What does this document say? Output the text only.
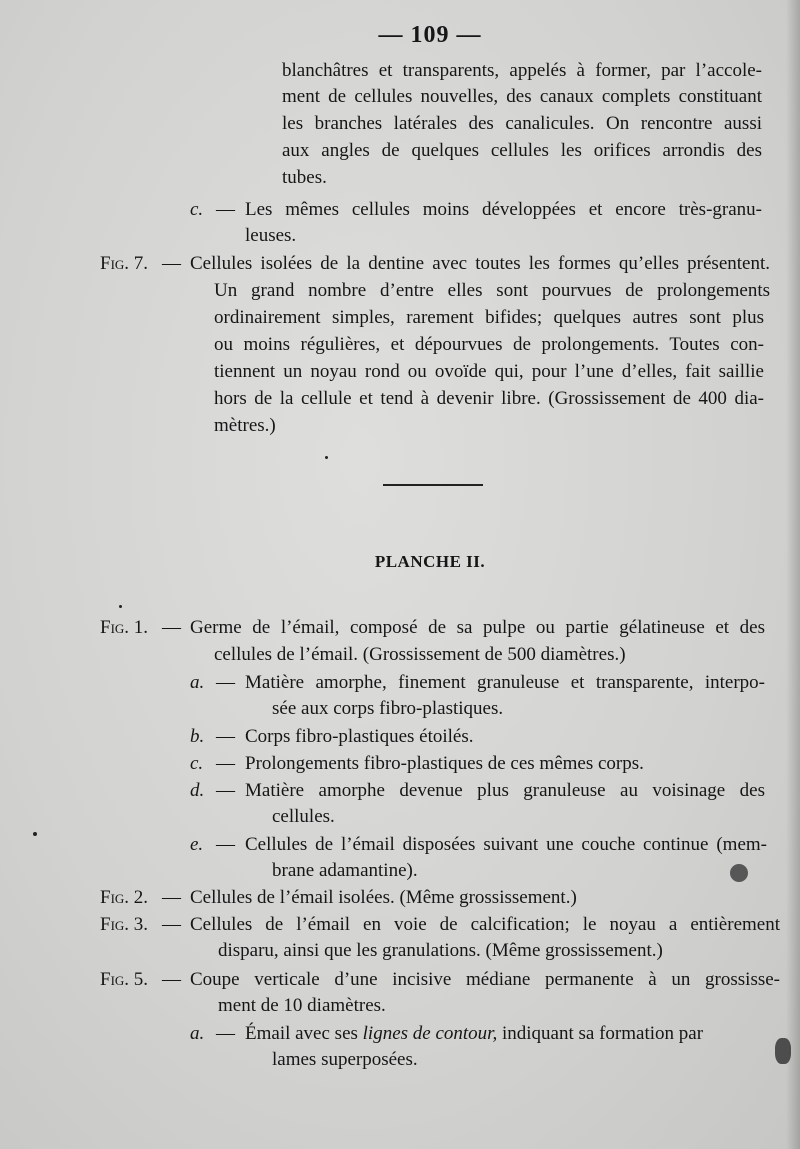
— 109 —
blanchâtres et transparents, appelés à former, par l’accole-
ment de cellules nouvelles, des canaux complets constituant
les branches latérales des canalicules. On rencontre aussi
aux angles de quelques cellules les orifices arrondis des
tubes.
c. — Les mêmes cellules moins développées et encore très-granu-
leuses.
Fig. 7. — Cellules isolées de la dentine avec toutes les formes qu’elles présentent.
Un grand nombre d’entre elles sont pourvues de prolongements
ordinairement simples, rarement bifides; quelques autres sont plus
ou moins régulières, et dépourvues de prolongements. Toutes con-
tiennent un noyau rond ou ovoïde qui, pour l’une d’elles, fait saillie
hors de la cellule et tend à devenir libre. (Grossissement de 400 dia-
mètres.)
PLANCHE II.
Fig. 1. — Germe de l’émail, composé de sa pulpe ou partie gélatineuse et des
cellules de l’émail. (Grossissement de 500 diamètres.)
a. — Matière amorphe, finement granuleuse et transparente, interpo-
sée aux corps fibro-plastiques.
b. — Corps fibro-plastiques étoilés.
c. — Prolongements fibro-plastiques de ces mêmes corps.
d. — Matière amorphe devenue plus granuleuse au voisinage des
cellules.
e. — Cellules de l’émail disposées suivant une couche continue (mem-
brane adamantine).
Fig. 2. — Cellules de l’émail isolées. (Même grossissement.)
Fig. 3. — Cellules de l’émail en voie de calcification; le noyau a entièrement
disparu, ainsi que les granulations. (Même grossissement.)
Fig. 5. — Coupe verticale d’une incisive médiane permanente à un grossisse-
ment de 10 diamètres.
a. — Émail avec ses lignes de contour, indiquant sa formation par
lames superposées.
